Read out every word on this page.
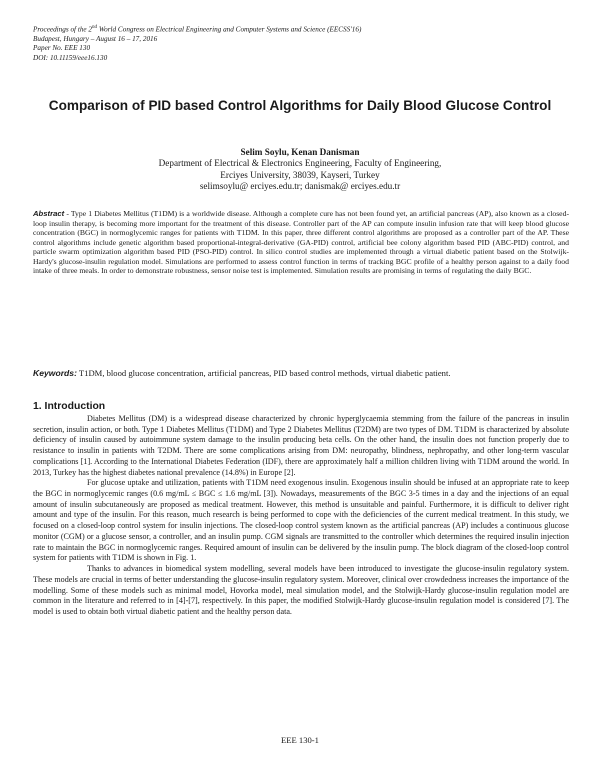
Proceedings of the 2nd World Congress on Electrical Engineering and Computer Systems and Science (EECSS'16)
Budapest, Hungary – August 16 – 17, 2016
Paper No. EEE 130
DOI: 10.11159/eee16.130
Comparison of PID based Control Algorithms for Daily Blood Glucose Control
Selim Soylu, Kenan Danisman
Department of Electrical & Electronics Engineering, Faculty of Engineering,
Erciyes University, 38039, Kayseri, Turkey
selimsoylu@ erciyes.edu.tr; danismak@ erciyes.edu.tr
Abstract - Type 1 Diabetes Mellitus (T1DM) is a worldwide disease. Although a complete cure has not been found yet, an artificial pancreas (AP), also known as a closed-loop insulin therapy, is becoming more important for the treatment of this disease. Controller part of the AP can compute insulin infusion rate that will keep blood glucose concentration (BGC) in normoglycemic ranges for patients with T1DM. In this paper, three different control algorithms are proposed as a controller part of the AP. These control algorithms include genetic algorithm based proportional-integral-derivative (GA-PID) control, artificial bee colony algorithm based PID (ABC-PID) control, and particle swarm optimization algorithm based PID (PSO-PID) control. In silico control studies are implemented through a virtual diabetic patient based on the Stolwijk-Hardy's glucose-insulin regulation model. Simulations are performed to assess control function in terms of tracking BGC profile of a healthy person against to a daily food intake of three meals. In order to demonstrate robustness, sensor noise test is implemented. Simulation results are promising in terms of regulating the daily BGC.
Keywords: T1DM, blood glucose concentration, artificial pancreas, PID based control methods, virtual diabetic patient.
1. Introduction

Diabetes Mellitus (DM) is a widespread disease characterized by chronic hyperglycaemia stemming from the failure of the pancreas in insulin secretion, insulin action, or both. Type 1 Diabetes Mellitus (T1DM) and Type 2 Diabetes Mellitus (T2DM) are two types of DM. T1DM is characterized by absolute deficiency of insulin caused by autoimmune system damage to the insulin producing beta cells. On the other hand, the insulin does not function properly due to resistance to insulin in patients with T2DM. There are some complications arising from DM: neuropathy, blindness, nephropathy, and other long-term vascular complications [1]. According to the International Diabetes Federation (IDF), there are approximately half a million children living with T1DM around the world. In 2013, Turkey has the highest diabetes national prevalence (14.8%) in Europe [2].

For glucose uptake and utilization, patients with T1DM need exogenous insulin. Exogenous insulin should be infused at an appropriate rate to keep the BGC in normoglycemic ranges (0.6 mg/mL ≤ BGC ≤ 1.6 mg/mL [3]). Nowadays, measurements of the BGC 3-5 times in a day and the injections of an equal amount of insulin subcutaneously are proposed as medical treatment. However, this method is unsuitable and painful. Furthermore, it is difficult to deliver right amount and type of the insulin. For this reason, much research is being performed to cope with the deficiencies of the current medical treatment. In this study, we focused on a closed-loop control system for insulin injections. The closed-loop control system known as the artificial pancreas (AP) includes a continuous glucose monitor (CGM) or a glucose sensor, a controller, and an insulin pump. CGM signals are transmitted to the controller which determines the required insulin injection rate to maintain the BGC in normoglycemic ranges. Required amount of insulin can be delivered by the insulin pump. The block diagram of the closed-loop control system for patients with T1DM is shown in Fig. 1.

Thanks to advances in biomedical system modelling, several models have been introduced to investigate the glucose-insulin regulatory system. These models are crucial in terms of better understanding the glucose-insulin regulatory system. Moreover, clinical over crowdedness increases the importance of the modelling. Some of these models such as minimal model, Hovorka model, meal simulation model, and the Stolwijk-Hardy glucose-insulin regulation model are common in the literature and referred to in [4]-[7], respectively. In this paper, the modified Stolwijk-Hardy glucose-insulin regulation model is considered [7]. The model is used to obtain both virtual diabetic patient and the healthy person data.

EEE 130-1
